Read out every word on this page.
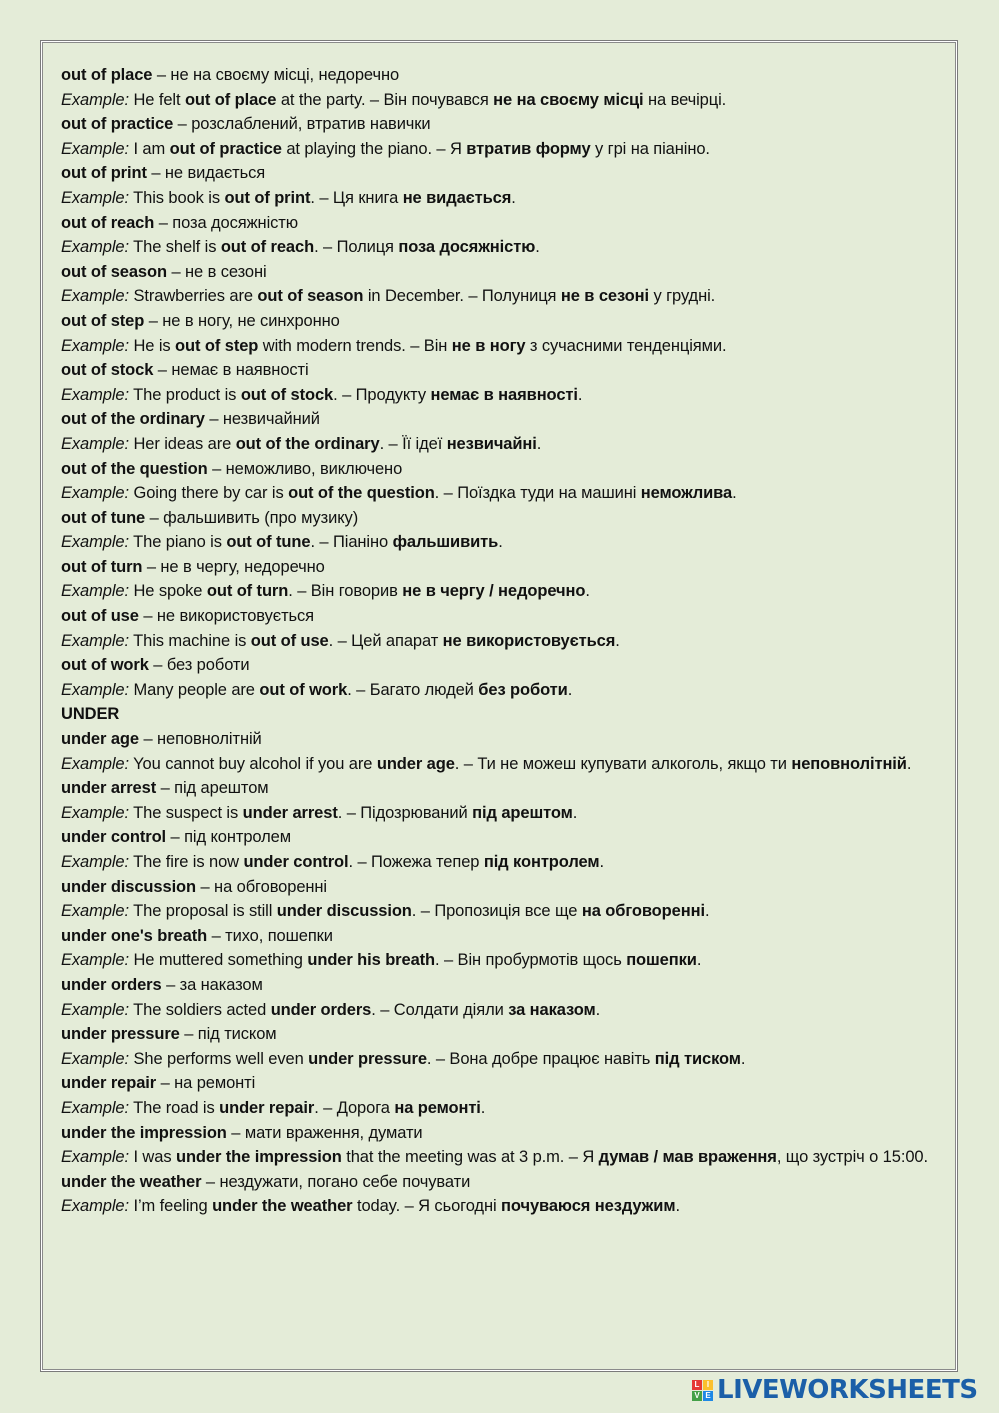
out of place – не на своєму місці, недоречно
Example: He felt out of place at the party. – Він почувався не на своєму місці на вечірці.
out of practice – розслаблений, втратив навички
Example: I am out of practice at playing the piano. – Я втратив форму у грі на піаніно.
out of print – не видається
Example: This book is out of print. – Ця книга не видається.
out of reach – поза досяжністю
Example: The shelf is out of reach. – Полиця поза досяжністю.
out of season – не в сезоні
Example: Strawberries are out of season in December. – Полуниця не в сезоні у грудні.
out of step – не в ногу, не синхронно
Example: He is out of step with modern trends. – Він не в ногу з сучасними тенденціями.
out of stock – немає в наявності
Example: The product is out of stock. – Продукту немає в наявності.
out of the ordinary – незвичайний
Example: Her ideas are out of the ordinary. – Її ідеї незвичайні.
out of the question – неможливо, виключено
Example: Going there by car is out of the question. – Поїздка туди на машині неможлива.
out of tune – фальшивить (про музику)
Example: The piano is out of tune. – Піаніно фальшивить.
out of turn – не в чергу, недоречно
Example: He spoke out of turn. – Він говорив не в чергу / недоречно.
out of use – не використовується
Example: This machine is out of use. – Цей апарат не використовується.
out of work – без роботи
Example: Many people are out of work. – Багато людей без роботи.
UNDER
under age – неповнолітній
Example: You cannot buy alcohol if you are under age. – Ти не можеш купувати алкоголь, якщо ти неповнолітній.
under arrest – під арештом
Example: The suspect is under arrest. – Підозрюваний під арештом.
under control – під контролем
Example: The fire is now under control. – Пожежа тепер під контролем.
under discussion – на обговоренні
Example: The proposal is still under discussion. – Пропозиція все ще на обговоренні.
under one's breath – тихо, пошепки
Example: He muttered something under his breath. – Він пробурмотів щось пошепки.
under orders – за наказом
Example: The soldiers acted under orders. – Солдати діяли за наказом.
under pressure – під тиском
Example: She performs well even under pressure. – Вона добре працює навіть під тиском.
under repair – на ремонті
Example: The road is under repair. – Дорога на ремонті.
under the impression – мати враження, думати
Example: I was under the impression that the meeting was at 3 p.m. – Я думав / мав враження, що зустріч о 15:00.
under the weather – нездужати, погано себе почувати
Example: I’m feeling under the weather today. – Я сьогодні почуваюся нездужим.
L I
V E LIVEWORKSHEETS
